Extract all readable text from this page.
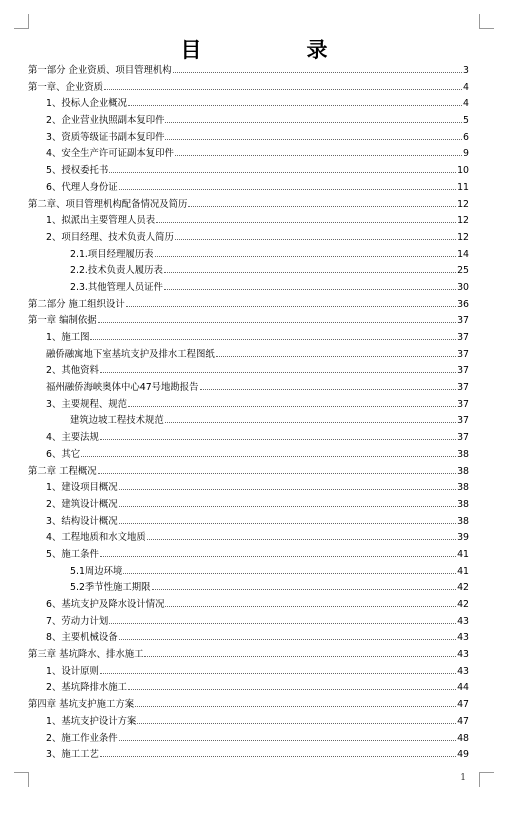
目　录
第一部分 企业资质、项目管理机构	3
第一章、企业资质	4
1、投标人企业概况	4
2、企业营业执照副本复印件	5
3、资质等级证书副本复印件	6
4、安全生产许可证副本复印件	9
5、授权委托书	10
6、代理人身份证	11
第二章、项目管理机构配备情况及简历	12
1、拟派出主要管理人员表	12
2、项目经理、技术负责人简历	12
2.1.项目经理履历表	14
2.2.技术负责人履历表	25
2.3.其他管理人员证件	30
第二部分 施工组织设计	36
第一章 编制依据	37
1、施工图	37
融侨融寓地下室基坑支护及排水工程图纸	37
2、其他资料	37
福州融侨海峡奥体中心47号地勘报告	37
3、主要规程、规范	37
建筑边坡工程技术规范	37
4、主要法规	37
6、其它	38
第二章 工程概况	38
1、建设项目概况	38
2、建筑设计概况	38
3、结构设计概况	38
4、工程地质和水文地质	39
5、施工条件	41
5.1周边环境	41
5.2季节性施工期限	42
6、基坑支护及降水设计情况	42
7、劳动力计划	43
8、主要机械设备	43
第三章 基坑降水、排水施工	43
1、设计原则	43
2、基坑降排水施工	44
第四章 基坑支护施工方案	47
1、基坑支护设计方案	47
2、施工作业条件	48
3、施工工艺	49
1
